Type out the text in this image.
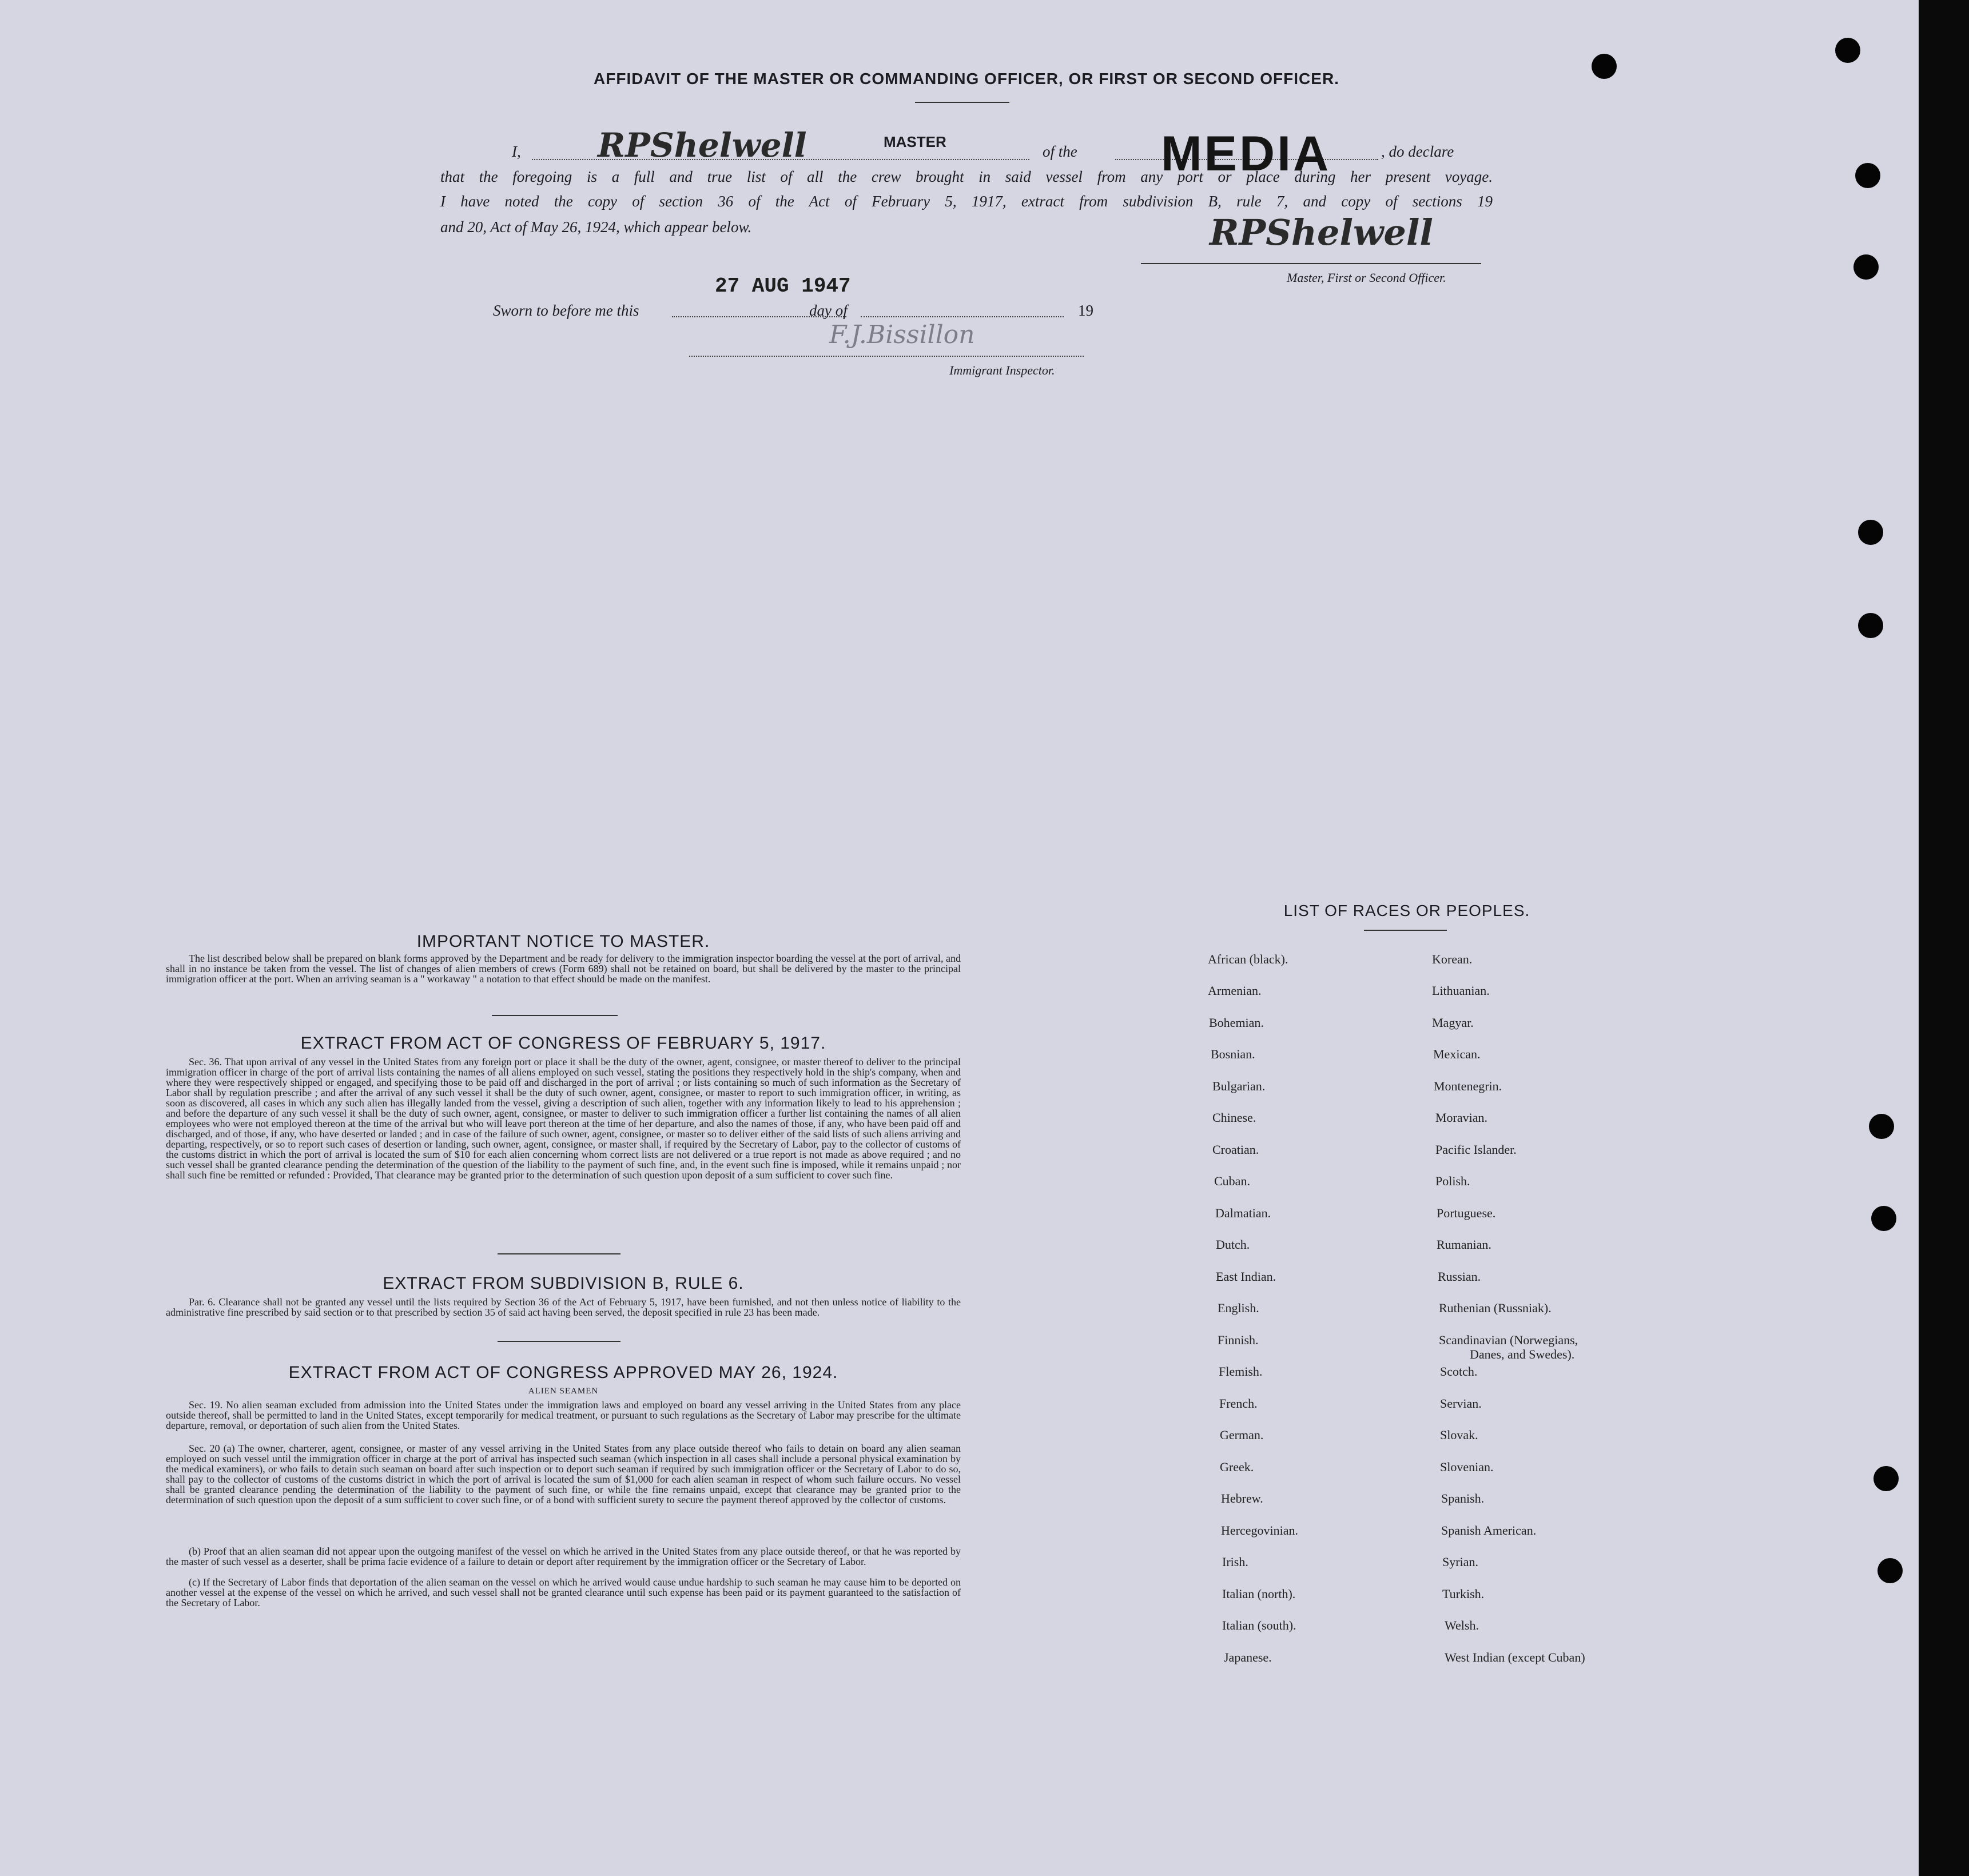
AFFIDAVIT OF THE MASTER OR COMMANDING OFFICER, OR FIRST OR SECOND OFFICER.
I, RPShelwell	MASTER
of the MEDIA	, do declare
that the foregoing is a full and true list of all the crew brought in said vessel from any port or place during her present voyage.
I have noted the copy of section 36 of the Act of February 5, 1917, extract from subdivision B, rule 7, and copy of sections 19
and 20, Act of May 26, 1924, which appear below.	RPShelwell
Master, First or Second Officer.
27 AUG 1947
Sworn to before me this	day of	19
F.J.Bissillon
Immigrant Inspector.
IMPORTANT NOTICE TO MASTER.
The list described below shall be prepared on blank forms approved by the Department and be ready for delivery to the immigration inspector boarding the vessel at the port of arrival, and shall in no instance be taken from the vessel. The list of changes of alien members of crews (Form 689) shall not be retained on board, but shall be delivered by the master to the principal immigration officer at the port. When an arriving seaman is a " workaway " a notation to that effect should be made on the manifest.
EXTRACT FROM ACT OF CONGRESS OF FEBRUARY 5, 1917.
Sec. 36. That upon arrival of any vessel in the United States from any foreign port or place it shall be the duty of the owner, agent, consignee, or master thereof to deliver to the principal immigration officer in charge of the port of arrival lists containing the names of all aliens employed on such vessel, stating the positions they respectively hold in the ship's company, when and where they were respectively shipped or engaged, and specifying those to be paid off and discharged in the port of arrival ; or lists containing so much of such information as the Secretary of Labor shall by regulation prescribe ; and after the arrival of any such vessel it shall be the duty of such owner, agent, consignee, or master to report to such immigration officer, in writing, as soon as discovered, all cases in which any such alien has illegally landed from the vessel, giving a description of such alien, together with any information likely to lead to his apprehension ; and before the departure of any such vessel it shall be the duty of such owner, agent, consignee, or master to deliver to such immigration officer a further list containing the names of all alien employees who were not employed thereon at the time of the arrival but who will leave port thereon at the time of her departure, and also the names of those, if any, who have been paid off and discharged, and of those, if any, who have deserted or landed ; and in case of the failure of such owner, agent, consignee, or master so to deliver either of the said lists of such aliens arriving and departing, respectively, or so to report such cases of desertion or landing, such owner, agent, consignee, or master shall, if required by the Secretary of Labor, pay to the collector of customs of the customs district in which the port of arrival is located the sum of $10 for each alien concerning whom correct lists are not delivered or a true report is not made as above required ; and no such vessel shall be granted clearance pending the determination of the question of the liability to the payment of such fine, and, in the event such fine is imposed, while it remains unpaid ; nor shall such fine be remitted or refunded : Provided, That clearance may be granted prior to the determination of such question upon deposit of a sum sufficient to cover such fine.
EXTRACT FROM SUBDIVISION B, RULE 6.
Par. 6. Clearance shall not be granted any vessel until the lists required by Section 36 of the Act of February 5, 1917, have been furnished, and not then unless notice of liability to the administrative fine prescribed by said section or to that prescribed by section 35 of said act having been served, the deposit specified in rule 23 has been made.
EXTRACT FROM ACT OF CONGRESS APPROVED MAY 26, 1924.
ALIEN SEAMEN
Sec. 19. No alien seaman excluded from admission into the United States under the immigration laws and employed on board any vessel arriving in the United States from any place outside thereof, shall be permitted to land in the United States, except temporarily for medical treatment, or pursuant to such regulations as the Secretary of Labor may prescribe for the ultimate departure, removal, or deportation of such alien from the United States.
Sec. 20 (a) The owner, charterer, agent, consignee, or master of any vessel arriving in the United States from any place outside thereof who fails to detain on board any alien seaman employed on such vessel until the immigration officer in charge at the port of arrival has inspected such seaman (which inspection in all cases shall include a personal physical examination by the medical examiners), or who fails to detain such seaman on board after such inspection or to deport such seaman if required by such immigration officer or the Secretary of Labor to do so, shall pay to the collector of customs of the customs district in which the port of arrival is located the sum of $1,000 for each alien seaman in respect of whom such failure occurs. No vessel shall be granted clearance pending the determination of the liability to the payment of such fine, or while the fine remains unpaid, except that clearance may be granted prior to the determination of such question upon the deposit of a sum sufficient to cover such fine, or of a bond with sufficient surety to secure the payment thereof approved by the collector of customs.
(b) Proof that an alien seaman did not appear upon the outgoing manifest of the vessel on which he arrived in the United States from any place outside thereof, or that he was reported by the master of such vessel as a deserter, shall be prima facie evidence of a failure to detain or deport after requirement by the immigration officer or the Secretary of Labor.
(c) If the Secretary of Labor finds that deportation of the alien seaman on the vessel on which he arrived would cause undue hardship to such seaman he may cause him to be deported on another vessel at the expense of the vessel on which he arrived, and such vessel shall not be granted clearance until such expense has been paid or its payment guaranteed to the satisfaction of the Secretary of Labor.
LIST OF RACES OR PEOPLES.
African (black).
Armenian.
Bohemian.
Bosnian.
Bulgarian.
Chinese.
Croatian.
Cuban.
Dalmatian.
Dutch.
East Indian.
English.
Finnish.
Flemish.
French.
German.
Greek.
Hebrew.
Hercegovinian.
Irish.
Italian (north).
Italian (south).
Japanese.
Korean.
Lithuanian.
Magyar.
Mexican.
Montenegrin.
Moravian.
Pacific Islander.
Polish.
Portuguese.
Rumanian.
Russian.
Ruthenian (Russniak).
Scandinavian (Norwegians,
Danes, and Swedes).
Scotch.
Servian.
Slovak.
Slovenian.
Spanish.
Spanish American.
Syrian.
Turkish.
Welsh.
West Indian (except Cuban)
